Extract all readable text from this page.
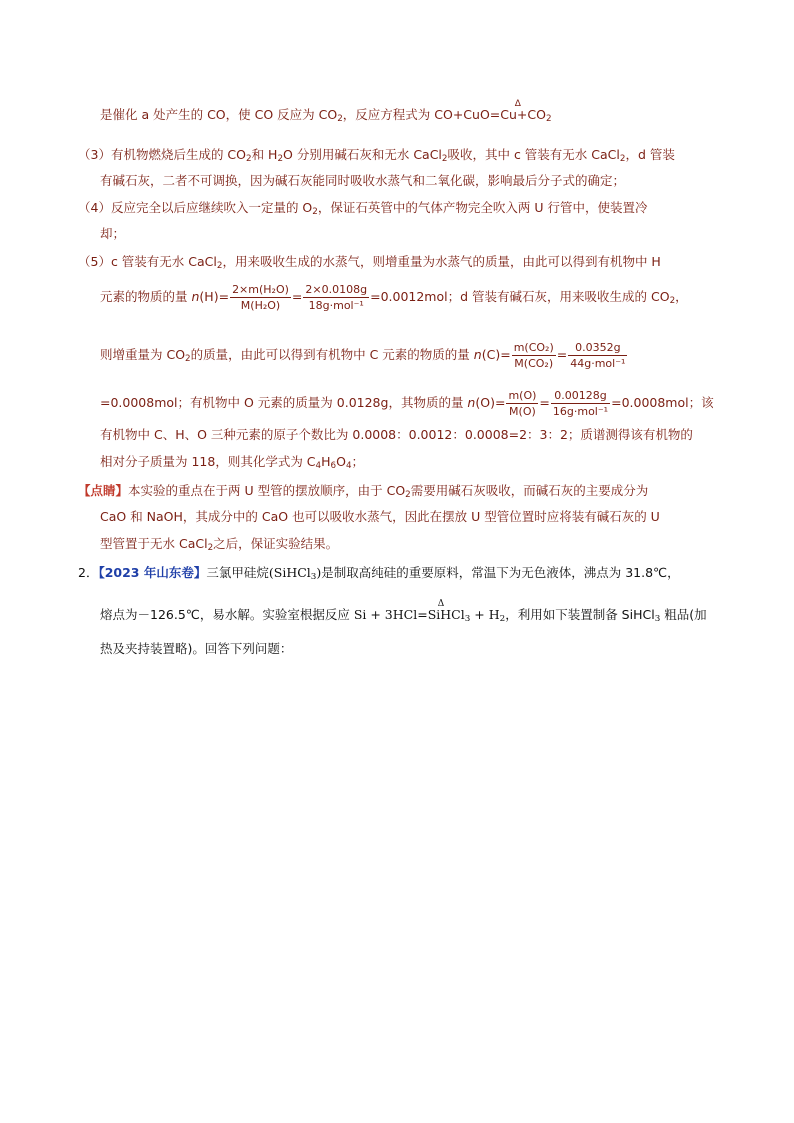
是催化 a 处产生的 CO，使 CO 反应为 $CO_2$，反应方程式为 CO+CuO
Δ
$=Cu+CO_2$
（3）有机物燃烧后生成的 $CO_2$和 $H_2O$ 分别用碱石灰和无水 CaCl$_2$吸收，其中 c 管装有无水 CaCl$_2$，d 管装
有碱石灰，二者不可调换，因为碱石灰能同时吸收水蒸气和二氧化碳，影响最后分子式的确定；
（4）反应完全以后应继续吹入一定量的 $O_2$，保证石英管中的气体产物完全吹入两 U 行管中，使装置冷
却；
（5）c 管装有无水 CaCl$_2$，用来吸收生成的水蒸气，则增重量为水蒸气的质量，由此可以得到有机物中 H
元素的物质的量 $n(H)= \frac{\text{2×m(H₂O)}}{\text{M(H₂O)}} = \frac{2\times 0.0108g}{\text{18g·mol⁻¹}} =0.0012mol$；d 管装有碱石灰，用来吸收生成的 $CO_2$，
则增重量为 $CO_2$的质量，由此可以得到有机物中 C 元素的物质的量 $n(C)= \frac{\text{m(CO₂)}}{\text{M(CO₂)}} = \frac{0.0352g}{\text{44g·mol⁻¹}}$
=0.0008mol；有机物中 O 元素的质量为 0.0128g，其物质的量 $n(O)= \frac{m(O)}{M(O)} = \frac{0.00128g}{\text{16g·mol⁻¹}} =0.0008mol$；该
有机物中 C、H、O 三种元素的原子个数比为 0.0008：0.0012：0.0008=2：3：2；质谱测得该有机物的
相对分子质量为 118，则其化学式为 $C_4H_6O_4$；
【点睛】本实验的重点在于两 U 型管的摆放顺序，由于 $CO_2$需要用碱石灰吸收，而碱石灰的主要成分为
CaO 和 NaOH，其成分中的 CaO 也可以吸收水蒸气，因此在摆放 U 型管位置时应将装有碱石灰的 U
型管置于无水 CaCl$_2$之后，保证实验结果。
2．【2023 年山东卷】三氯甲硅烷(SiHCl$_3$)是制取高纯硅的重要原料，常温下为无色液体，沸点为 31.8℃，
熔点为－126.5℃，易水解。实验室根据反应 Si + 3HCl
Δ
=SiHCl$_3$ + $H_2$，利用如下装置制备 SiHCl$_3$ 粗品(加
热及夹持装置略)。回答下列问题：
